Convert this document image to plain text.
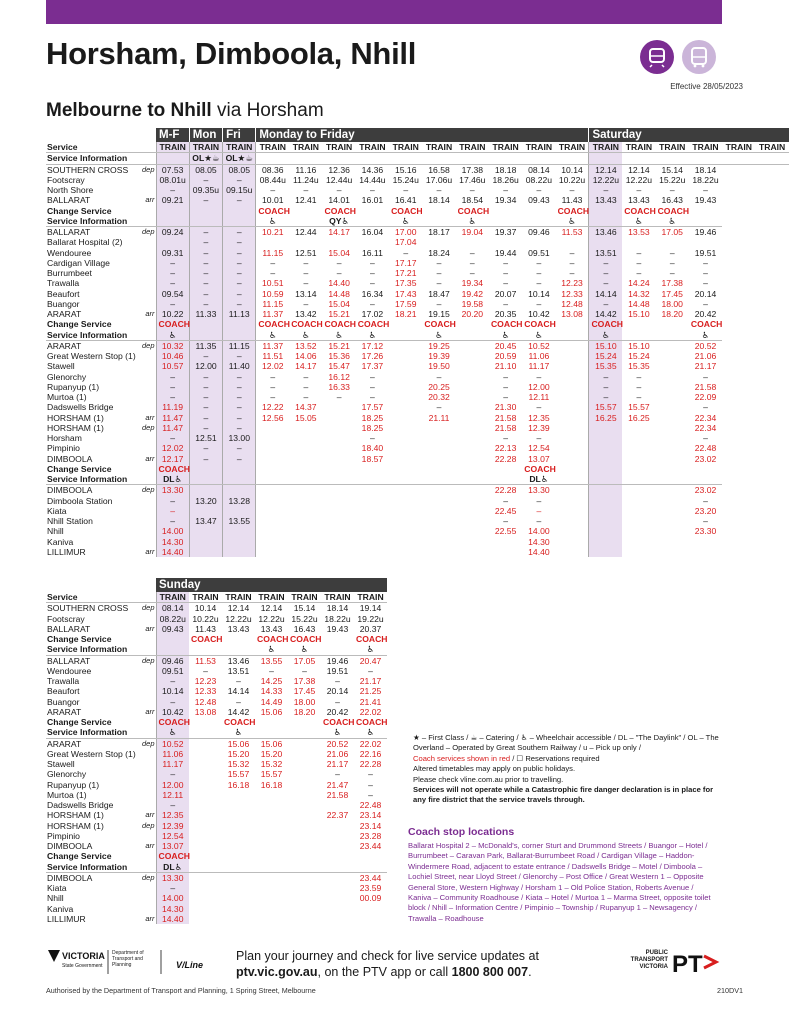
Horsham, Dimboola, Nhill
Effective 28/05/2023
Melbourne to Nhill via Horsham
		M-F	Mon	Fri	Monday to Friday										Saturday					
Service		TRAIN	TRAIN	TRAIN	TRAIN	TRAIN	TRAIN	TRAIN	TRAIN	TRAIN	TRAIN	TRAIN	TRAIN	TRAIN	TRAIN	TRAIN	TRAIN	TRAIN	TRAIN	TRAIN
Service Information			OL★☕	OL★☕																
SOUTHERN CROSS	dep	07.53	08.05	08.05	08.36	11.16	12.36	14.36	15.16	16.58	17.38	18.18	08.14	10.14	12.14	12.14	15.14	18.14		
Footscray		08.01u	–	–	08.44u	11.24u	12.44u	14.44u	15.24u	17.06u	17.46u	18.26u	08.22u	10.22u	12.22u	12.22u	15.22u	18.22u		
North Shore		–	09.35u	09.15u	–	–	–	–	–	–	–	–	–	–	–	–	–	–		
BALLARAT	arr	09.21	–	–	10.01	12.41	14.01	16.01	16.41	18.14	18.54	19.34	09.43	11.43	13.43	13.43	16.43	19.43		
Change Service					COACH		COACH		COACH		COACH			COACH		COACH	COACH			
Service Information					♿		QY♿		♿		♿			♿		♿	♿			
BALLARAT	dep	09.24	–	–	10.21	12.44	14.17	16.04	17.00	18.17	19.04	19.37	09.46	11.53	13.46	13.53	17.05	19.46		
Ballarat Hospital (2)			–	–					17.04											
Wendouree		09.31	–	–	11.15	12.51	15.04	16.11	–	18.24	–	19.44	09.51	–	13.51	–	–	19.51		
Cardigan Village		–	–	–	–	–	–	–	17.17	–	–	–	–	–	–	–	–	–		
Burrumbeet		–	–	–	–	–	–	–	17.21	–	–	–	–	–	–	–	–	–		
Trawalla		–	–	–	10.51	–	14.40	–	17.35	–	19.34	–	–	12.23	–	14.24	17.38	–		
Beaufort		09.54	–	–	10.59	13.14	14.48	16.34	17.43	18.47	19.42	20.07	10.14	12.33	14.14	14.32	17.45	20.14		
Buangor		–	–	–	11.15	–	15.04	–	17.59	–	19.58	–	–	12.48	–	14.48	18.00	–		
ARARAT	arr	10.22	11.33	11.13	11.37	13.42	15.21	17.02	18.21	19.15	20.20	20.35	10.42	13.08	14.42	15.10	18.20	20.42		
Change Service		COACH			COACH	COACH	COACH	COACH		COACH		COACH	COACH		COACH			COACH		
Service Information		♿			♿	♿	♿	♿		♿		♿	♿		♿			♿		
ARARAT	dep	10.32	11.35	11.15	11.37	13.52	15.21	17.12		19.25		20.45	10.52		15.10	15.10		20.52		
Great Western Stop (1)		10.46	–	–	11.51	14.06	15.36	17.26		19.39		20.59	11.06		15.24	15.24		21.06		
Stawell		10.57	12.00	11.40	12.02	14.17	15.47	17.37		19.50		21.10	11.17		15.35	15.35		21.17		
Glenorchy		–	–	–	–	–	16.12	–		–		–	–		–	–		–		
Rupanyup (1)		–	–	–	–	–	16.33	–		20.25		–	12.00		–	–		21.58		
Murtoa (1)		–	–	–	–	–	–	–		20.32		–	12.11		–	–		22.09		
Dadswells Bridge		11.19	–	–	12.22	14.37		17.57		–		21.30	–		15.57	15.57		–		
HORSHAM (1)	arr	11.47	–	–	12.56	15.05		18.25		21.11		21.58	12.35		16.25	16.25		22.34		
HORSHAM (1)	dep	11.47	–	–				18.25				21.58	12.39					22.34		
Horsham		–	12.51	13.00				–				–	–					–		
Pimpinio		12.02	–	–				18.40				22.13	12.54					22.48		
DIMBOOLA	arr	12.17	–	–				18.57				22.28	13.07					23.02		
Change Service		COACH											COACH							
Service Information		DL♿											DL♿							
DIMBOOLA	dep	13.30										22.28	13.30					23.02		
Dimboola Station		–	13.20	13.28								–	–					–		
Kiata		–										22.45	–					23.20		
Nhill Station		–	13.47	13.55								–	–					–		
Nhill		14.00										22.55	14.00					23.30		
Kaniva		14.30											14.30							
LILLIMUR	arr	14.40											14.40							
		Sunday						
Service		TRAIN	TRAIN	TRAIN	TRAIN	TRAIN	TRAIN	TRAIN
SOUTHERN CROSS	dep	08.14	10.14	12.14	12.14	15.14	18.14	19.14
Footscray		08.22u	10.22u	12.22u	12.22u	15.22u	18.22u	19.22u
BALLARAT	arr	09.43	11.43	13.43	13.43	16.43	19.43	20.37
Change Service			COACH		COACH	COACH		COACH
Service Information					♿	♿		♿
BALLARAT	dep	09.46	11.53	13.46	13.55	17.05	19.46	20.47
Wendouree		09.51	–	13.51	–	–	19.51	–
Trawalla		–	12.23	–	14.25	17.38	–	21.17
Beaufort		10.14	12.33	14.14	14.33	17.45	20.14	21.25
Buangor		–	12.48	–	14.49	18.00	–	21.41
ARARAT	arr	10.42	13.08	14.42	15.06	18.20	20.42	22.02
Change Service		COACH		COACH			COACH	COACH
Service Information		♿		♿			♿	♿
ARARAT	dep	10.52		15.06	15.06		20.52	22.02
Great Western Stop (1)		11.06		15.20	15.20		21.06	22.16
Stawell		11.17		15.32	15.32		21.17	22.28
Glenorchy		–		15.57	15.57		–	–
Rupanyup (1)		12.00		16.18	16.18		21.47	–
Murtoa (1)		12.11					21.58	–
Dadswells Bridge		–						22.48
HORSHAM (1)	arr	12.35					22.37	23.14
HORSHAM (1)	dep	12.39						23.14
Pimpinio		12.54						23.28
DIMBOOLA	arr	13.07						23.44
Change Service		COACH						
Service Information		DL♿						
DIMBOOLA	dep	13.30						23.44
Kiata		–						23.59
Nhill		14.00						00.09
Kaniva		14.30						
LILLIMUR	arr	14.40						
★ – First Class / ☕ – Catering / ♿ – Wheelchair accessible / DL – "The Daylink" / OL – The Overland – Operated by Great Southern Railway / u – Pick up only /
Coach services shown in red / ☐ Reservations required
Altered timetables may apply on public holidays.
Please check vline.com.au prior to travelling.
Services will not operate while a Catastrophic fire danger declaration is in place for any fire district that the service travels through.
Coach stop locations
Ballarat Hospital 2 – McDonald's, corner Sturt and Drummond Streets / Buangor – Hotel / Burrumbeet – Caravan Park, Ballarat-Burrumbeet Road / Cardigan Village – Haddon-Windermere Road, adjacent to estate entrance / Dadswells Bridge – Motel / Dimboola – Lochiel Street, near Lloyd Street / Glenorchy – Post Office / Great Western 1 – Opposite General Store, Western Highway / Horsham 1 – Old Police Station, Roberts Avenue / Kaniva – Community Roadhouse / Kiata – Hotel / Murtoa 1 – Marma Street, opposite toilet block / Nhill – Information Centre / Pimpinio – Township / Rupanyup 1 – Newsagency / Trawalla – Roadhouse
VICTORIA
State Government
Department of Transport and Planning	V/Line
Plan your journey and check for live service updates at
ptv.vic.gov.au, on the PTV app or call 1800 800 007.
PUBLIC TRANSPORT VICTORIA PT
Authorised by the Department of Transport and Planning, 1 Spring Street, Melbourne	210DV1
